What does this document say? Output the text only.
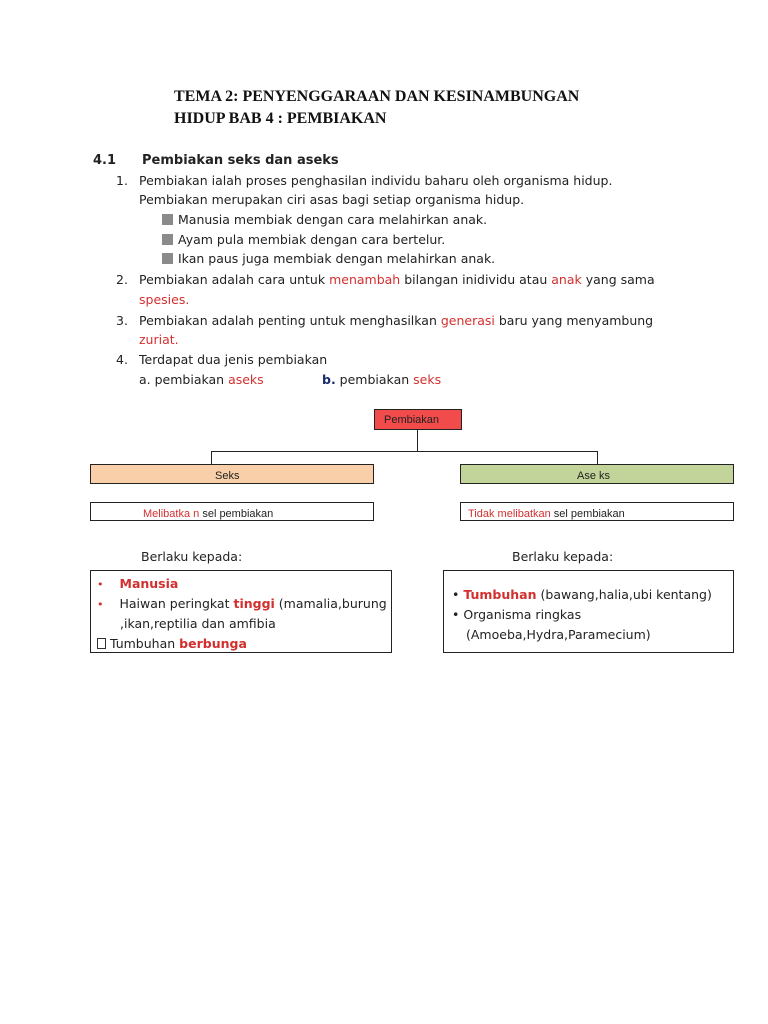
TEMA 2: PENYENGGARAAN DAN KESINAMBUNGAN
HIDUP BAB 4 : PEMBIAKAN
4.1 Pembiakan seks dan aseks
1. Pembiakan ialah proses penghasilan individu baharu oleh organisma hidup.
Pembiakan merupakan ciri asas bagi setiap organisma hidup.
Manusia membiak dengan cara melahirkan anak.
Ayam pula membiak dengan cara bertelur.
Ikan paus juga membiak dengan melahirkan anak.
2. Pembiakan adalah cara untuk menambah bilangan inidividu atau anak yang sama
spesies.
3. Pembiakan adalah penting untuk menghasilkan generasi baru yang menyambung
zuriat.
4. Terdapat dua jenis pembiakan
a. pembiakan aseks	b. pembiakan seks
Pembiakan
Seks	Ase ks
Melibatka n sel pembiakan	Tidak melibatkan sel pembiakan
Berlaku kepada:	Berlaku kepada:
• Manusia
• Haiwan peringkat tinggi (mamalia,burung
,ikan,reptilia dan amfibia
Tumbuhan berbunga
• Tumbuhan (bawang,halia,ubi kentang)
• Organisma ringkas
(Amoeba,Hydra,Paramecium)
